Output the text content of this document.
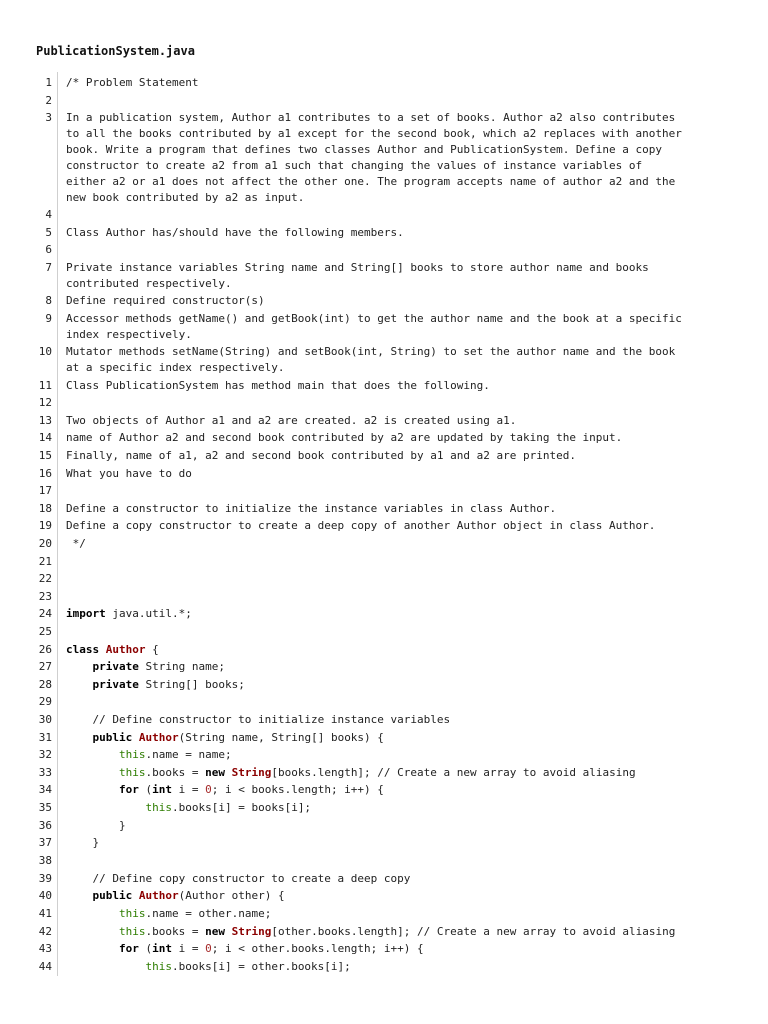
PublicationSystem.java
1 /* Problem Statement
2
3 In a publication system, Author a1 contributes to a set of books. Author a2 also contributes
to all the books contributed by a1 except for the second book, which a2 replaces with another
book. Write a program that defines two classes Author and PublicationSystem. Define a copy
constructor to create a2 from a1 such that changing the values of instance variables of
either a2 or a1 does not affect the other one. The program accepts name of author a2 and the
new book contributed by a2 as input.
4
5 Class Author has/should have the following members.
6
7 Private instance variables String name and String[] books to store author name and books
contributed respectively.
8 Define required constructor(s)
9 Accessor methods getName() and getBook(int) to get the author name and the book at a specific
index respectively.
10 Mutator methods setName(String) and setBook(int, String) to set the author name and the book
at a specific index respectively.
11 Class PublicationSystem has method main that does the following.
12
13 Two objects of Author a1 and a2 are created. a2 is created using a1.
14 name of Author a2 and second book contributed by a2 are updated by taking the input.
15 Finally, name of a1, a2 and second book contributed by a1 and a2 are printed.
16 What you have to do
17
18 Define a constructor to initialize the instance variables in class Author.
19 Define a copy constructor to create a deep copy of another Author object in class Author.
20 */
21
22
23
24 import java.util.*;
25
26 class Author {
27	private String name;
28	private String[] books;
29
30 // Define constructor to initialize instance variables
31	public Author(String name, String[] books) {
32	this.name = name;
33	this.books = new String[books.length]; // Create a new array to avoid aliasing
34	for (int i = 0; i < books.length; i++) {
35	this.books[i] = books[i];
36 }
37 }
38
39 // Define copy constructor to create a deep copy
40	public Author(Author other) {
41	this.name = other.name;
42	this.books = new String[other.books.length]; // Create a new array to avoid aliasing
43	for (int i = 0; i < other.books.length; i++) {
44	this.books[i] = other.books[i];
